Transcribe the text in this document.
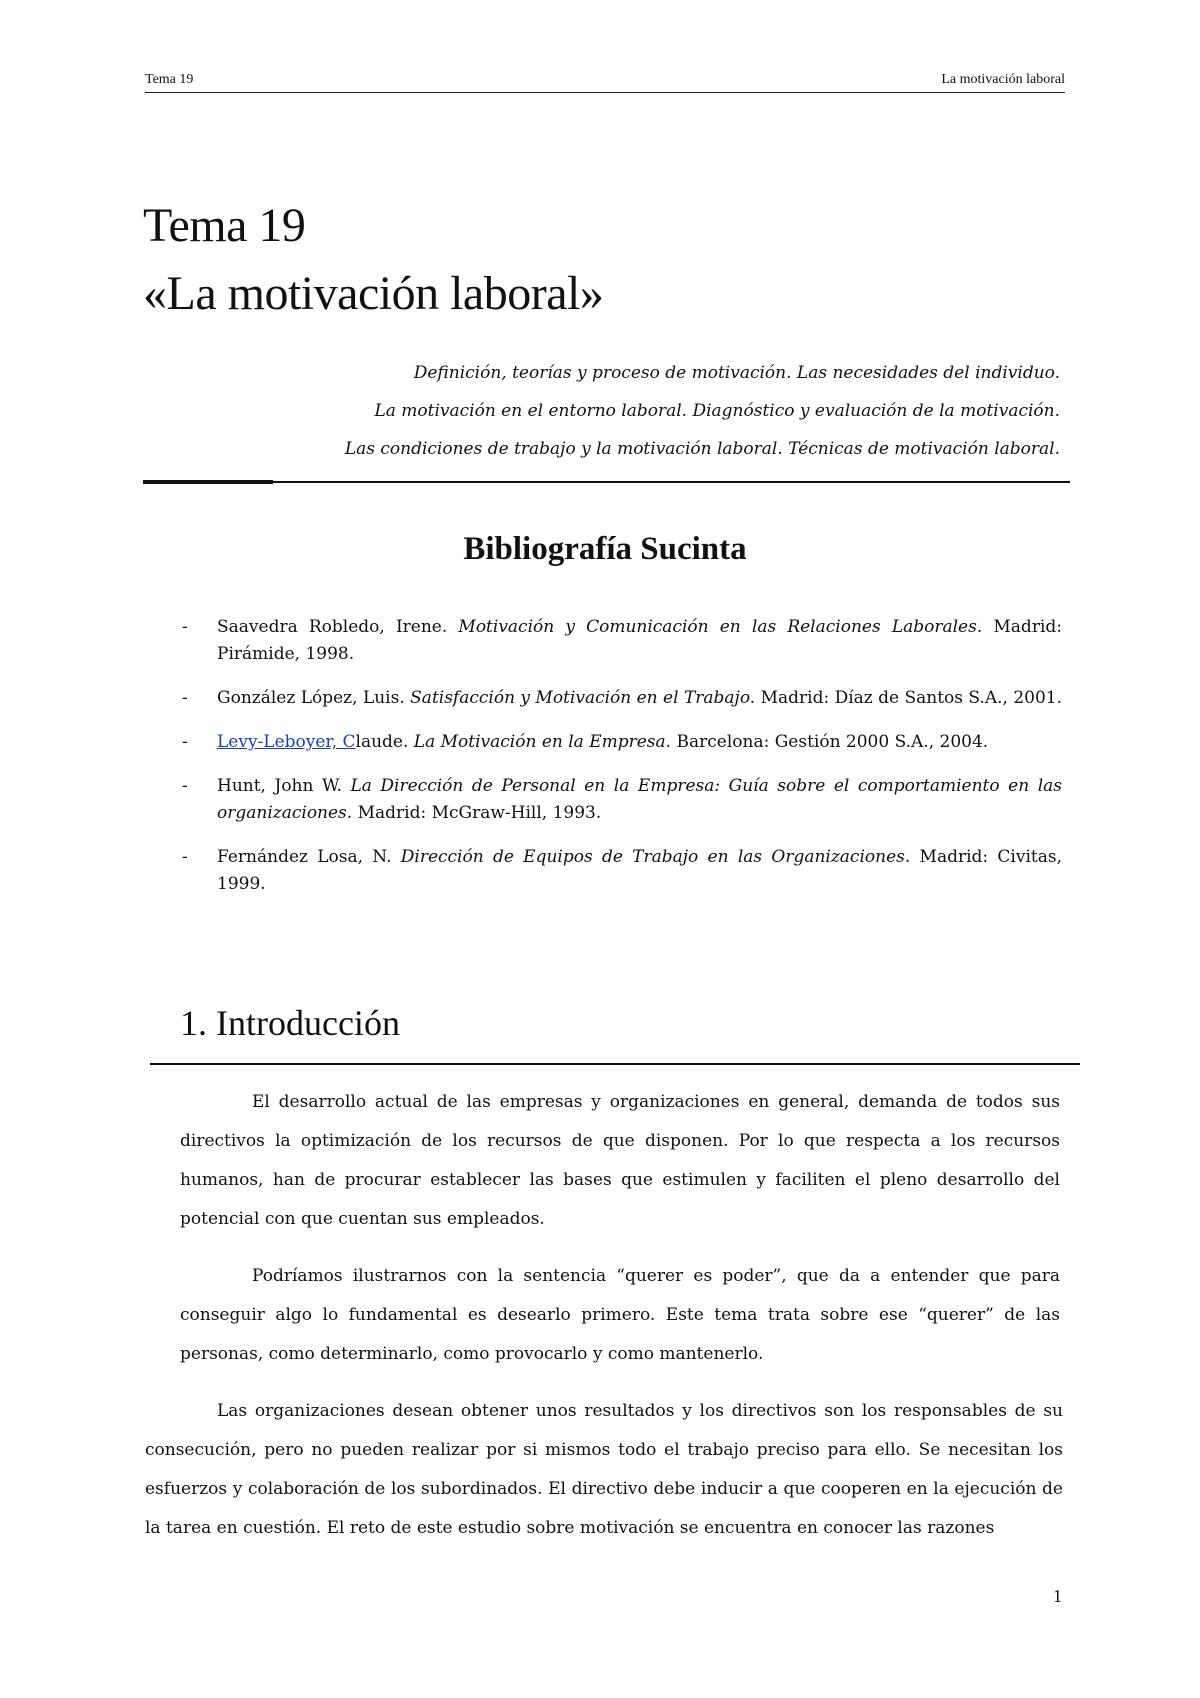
Tema 19	La motivación laboral
Tema 19
«La motivación laboral»
Definición, teorías y proceso de motivación. Las necesidades del individuo.
La motivación en el entorno laboral. Diagnóstico y evaluación de la motivación.
Las condiciones de trabajo y la motivación laboral. Técnicas de motivación laboral.
Bibliografía Sucinta
- Saavedra Robledo, Irene. Motivación y Comunicación en las Relaciones Laborales. Madrid: Pirámide, 1998.
- González López, Luis. Satisfacción y Motivación en el Trabajo. Madrid: Díaz de Santos S.A., 2001.
- Levy-Leboyer, Claude. La Motivación en la Empresa. Barcelona: Gestión 2000 S.A., 2004.
- Hunt, John W. La Dirección de Personal en la Empresa: Guía sobre el comportamiento en las organizaciones. Madrid: McGraw-Hill, 1993.
- Fernández Losa, N. Dirección de Equipos de Trabajo en las Organizaciones. Madrid: Civitas, 1999.
1. Introducción

El desarrollo actual de las empresas y organizaciones en general, demanda de todos sus directivos la optimización de los recursos de que disponen. Por lo que respecta a los recursos humanos, han de procurar establecer las bases que estimulen y faciliten el pleno desarrollo del potencial con que cuentan sus empleados.

Podríamos ilustrarnos con la sentencia “querer es poder”, que da a entender que para conseguir algo lo fundamental es desearlo primero. Este tema trata sobre ese “querer” de las personas, como determinarlo, como provocarlo y como mantenerlo.

Las organizaciones desean obtener unos resultados y los directivos son los responsables de su consecución, pero no pueden realizar por si mismos todo el trabajo preciso para ello. Se necesitan los esfuerzos y colaboración de los subordinados. El directivo debe inducir a que cooperen en la ejecución de la tarea en cuestión. El reto de este estudio sobre motivación se encuentra en conocer las razones

1
